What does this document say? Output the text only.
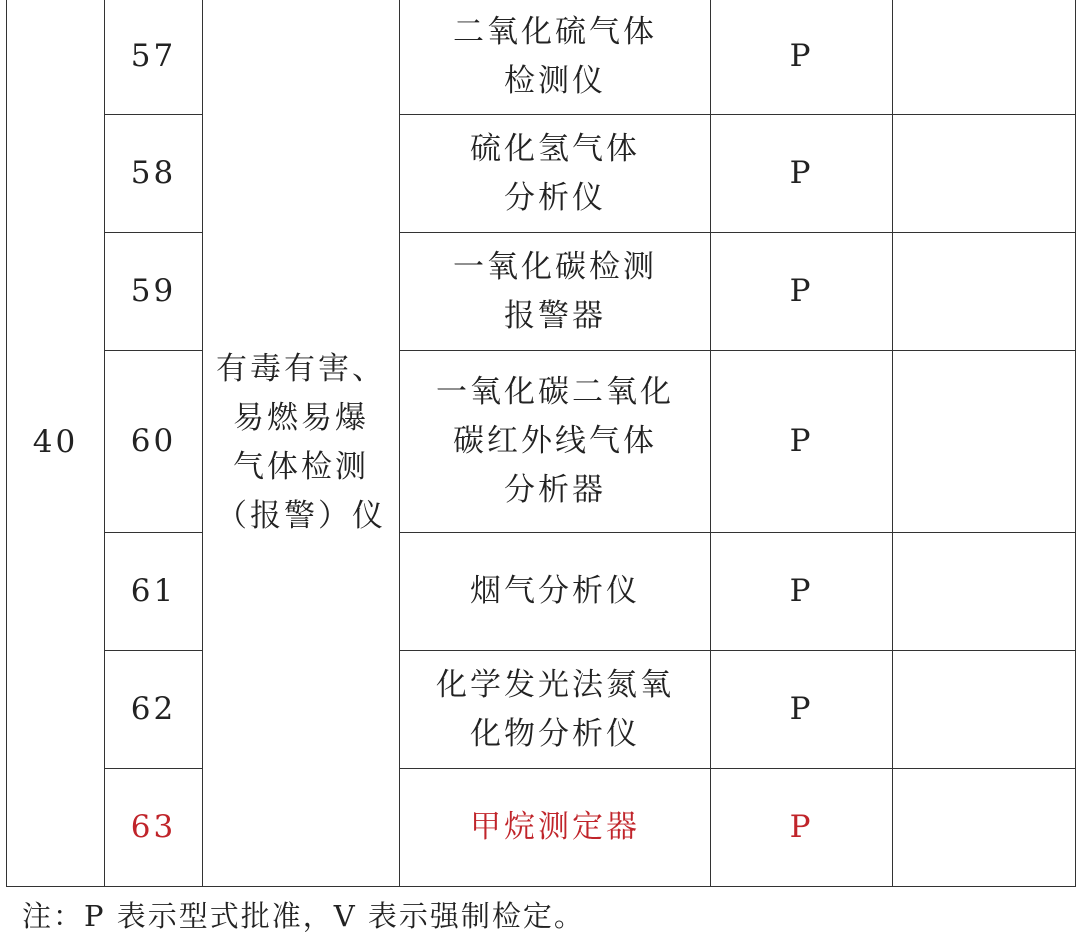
40	57	有毒有害、
易燃易爆
气体检测
（报警）仪	二氧化硫气体
检测仪	P	
	58		硫化氢气体
分析仪	P	
	59		一氧化碳检测
报警器	P	
	60		一氧化碳二氧化
碳红外线气体
分析器	P	
	61		烟气分析仪	P	
	62		化学发光法氮氧
化物分析仪	P	
	63		甲烷测定器	P	
注：P 表示型式批准，V 表示强制检定。
